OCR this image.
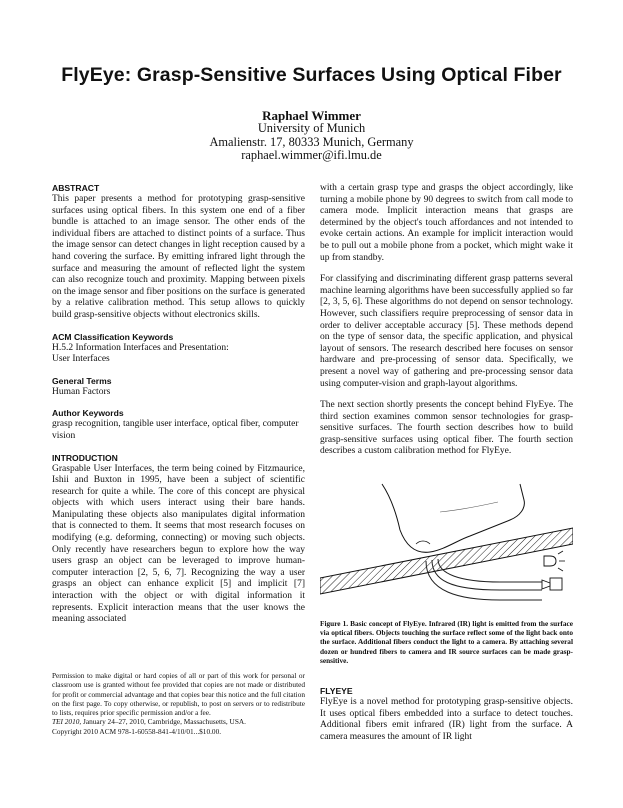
FlyEye: Grasp-Sensitive Surfaces Using Optical Fiber
Raphael Wimmer
University of Munich
Amalienstr. 17, 80333 Munich, Germany
raphael.wimmer@ifi.lmu.de
ABSTRACT

This paper presents a method for prototyping grasp-sensitive surfaces using optical fibers. In this system one end of a fiber bundle is attached to an image sensor. The other ends of the individual fibers are attached to distinct points of a surface. Thus the image sensor can detect changes in light reception caused by a hand covering the surface. By emitting infrared light through the surface and measuring the amount of reflected light the system can also recognize touch and proximity. Mapping between pixels on the image sensor and fiber positions on the surface is generated by a relative calibration method. This setup allows to quickly build grasp-sensitive objects without electronics skills.

ACM Classification Keywords

H.5.2 Information Interfaces and Presentation:

User Interfaces

General Terms

Human Factors

Author Keywords

grasp recognition, tangible user interface, optical fiber, computer vision

INTRODUCTION

Graspable User Interfaces, the term being coined by Fitzmaurice, Ishii and Buxton in 1995, have been a subject of scientific research for quite a while. The core of this concept are physical objects with which users interact using their bare hands. Manipulating these objects also manipulates digital information that is connected to them. It seems that most research focuses on modifying (e.g. deforming, connecting) or moving such objects. Only recently have researchers begun to explore how the way users grasp an object can be leveraged to improve human-computer interaction [2, 5, 6, 7]. Recognizing the way a user grasps an object can enhance explicit [5] and implicit [7] interaction with the object or with digital information it represents. Explicit interaction means that the user knows the meaning associated

Permission to make digital or hard copies of all or part of this work for personal or classroom use is granted without fee provided that copies are not made or distributed for profit or commercial advantage and that copies bear this notice and the full citation on the first page. To copy otherwise, or republish, to post on servers or to redistribute to lists, requires prior specific permission and/or a fee.

TEI 2010, January 24–27, 2010, Cambridge, Massachusetts, USA.

Copyright 2010 ACM 978-1-60558-841-4/10/01...$10.00.

with a certain grasp type and grasps the object accordingly, like turning a mobile phone by 90 degrees to switch from call mode to camera mode. Implicit interaction means that grasps are determined by the object's touch affordances and not intended to evoke certain actions. An example for implicit interaction would be to pull out a mobile phone from a pocket, which might wake it up from standby.

For classifying and discriminating different grasp patterns several machine learning algorithms have been successfully applied so far [2, 3, 5, 6]. These algorithms do not depend on sensor technology. However, such classifiers require preprocessing of sensor data in order to deliver acceptable accuracy [5]. These methods depend on the type of sensor data, the specific application, and physical layout of sensors. The research described here focuses on sensor hardware and pre-processing of sensor data. Specifically, we present a novel way of gathering and pre-processing sensor data using computer-vision and graph-layout algorithms.

The next section shortly presents the concept behind FlyEye. The third section examines common sensor technologies for grasp-sensitive surfaces. The fourth section describes how to build grasp-sensitive surfaces using optical fiber. The fourth section describes a custom calibration method for FlyEye.

Figure 1. Basic concept of FlyEye. Infrared (IR) light is emitted from the surface via optical fibers. Objects touching the surface reflect some of the light back onto the surface. Additional fibers conduct the light to a camera. By attaching several dozen or hundred fibers to camera and IR source surfaces can be made grasp-sensitive.
FLYEYE

FlyEye is a novel method for prototyping grasp-sensitive objects. It uses optical fibers embedded into a surface to detect touches. Additional fibers emit infrared (IR) light from the surface. A camera measures the amount of IR light
